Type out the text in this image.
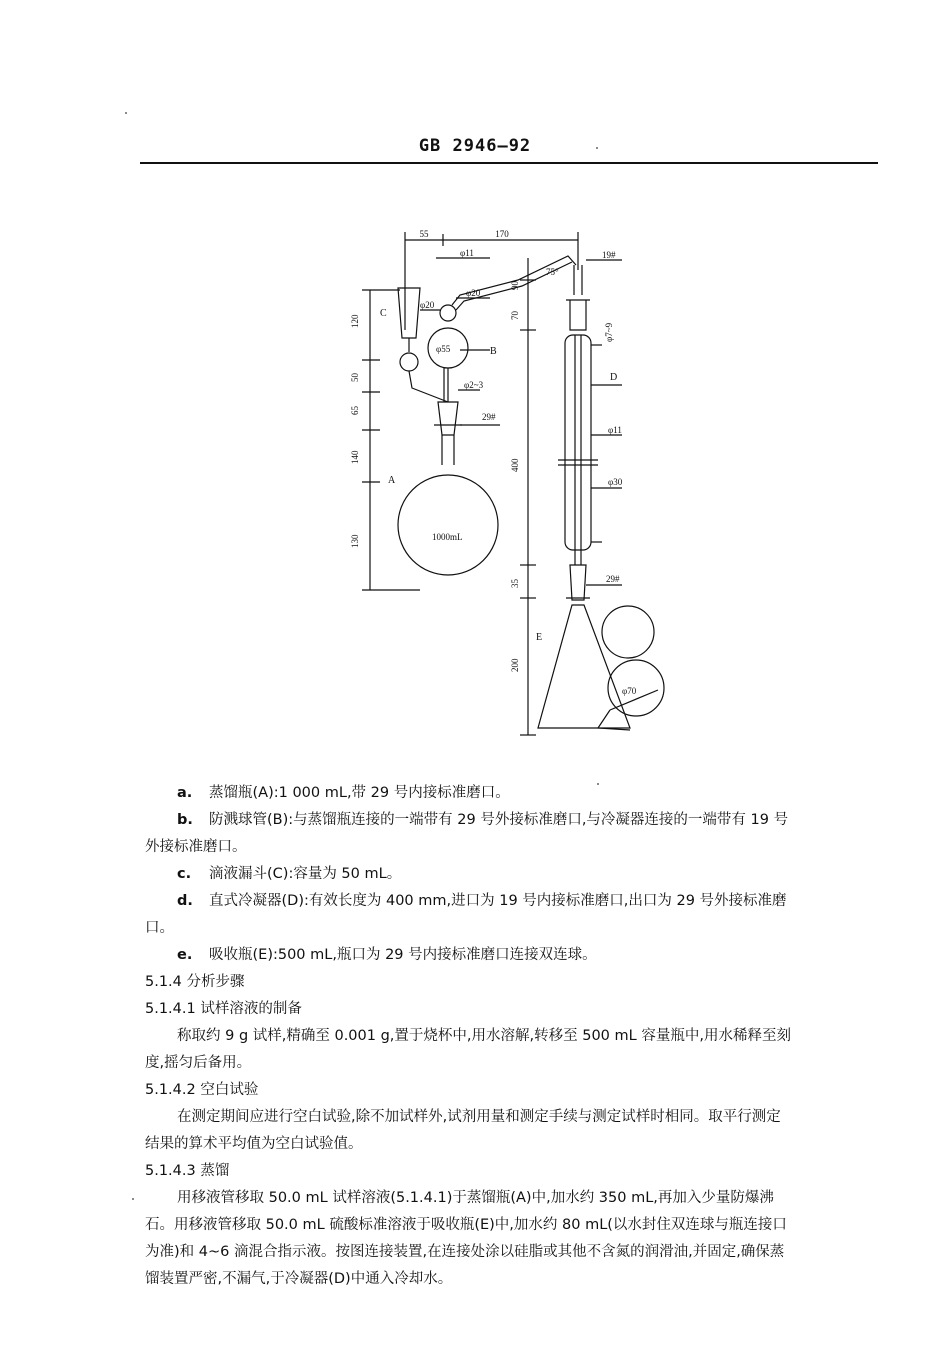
GB 2946—92
55	170
120
50
65
140
130
90
70
400
35
200
φ11
φ20
φ20
φ55
φ2~3
29#
19#
75°
φ7~9
φ11
φ30
29#
φ70
A
B
C
D
E
1000mL
a. 蒸馏瓶(A):1 000 mL,带 29 号内接标准磨口。
b. 防溅球管(B):与蒸馏瓶连接的一端带有 29 号外接标准磨口,与冷凝器连接的一端带有 19 号
外接标准磨口。
c. 滴液漏斗(C):容量为 50 mL。
d. 直式冷凝器(D):有效长度为 400 mm,进口为 19 号内接标准磨口,出口为 29 号外接标准磨
口。
e. 吸收瓶(E):500 mL,瓶口为 29 号内接标准磨口连接双连球。
5.1.4 分析步骤
5.1.4.1 试样溶液的制备
称取约 9 g 试样,精确至 0.001 g,置于烧杯中,用水溶解,转移至 500 mL 容量瓶中,用水稀释至刻
度,摇匀后备用。
5.1.4.2 空白试验
在测定期间应进行空白试验,除不加试样外,试剂用量和测定手续与测定试样时相同。取平行测定
结果的算术平均值为空白试验值。
5.1.4.3 蒸馏
用移液管移取 50.0 mL 试样溶液(5.1.4.1)于蒸馏瓶(A)中,加水约 350 mL,再加入少量防爆沸
石。用移液管移取 50.0 mL 硫酸标准溶液于吸收瓶(E)中,加水约 80 mL(以水封住双连球与瓶连接口
为准)和 4~6 滴混合指示液。按图连接装置,在连接处涂以硅脂或其他不含氮的润滑油,并固定,确保蒸
馏装置严密,不漏气,于冷凝器(D)中通入冷却水。
